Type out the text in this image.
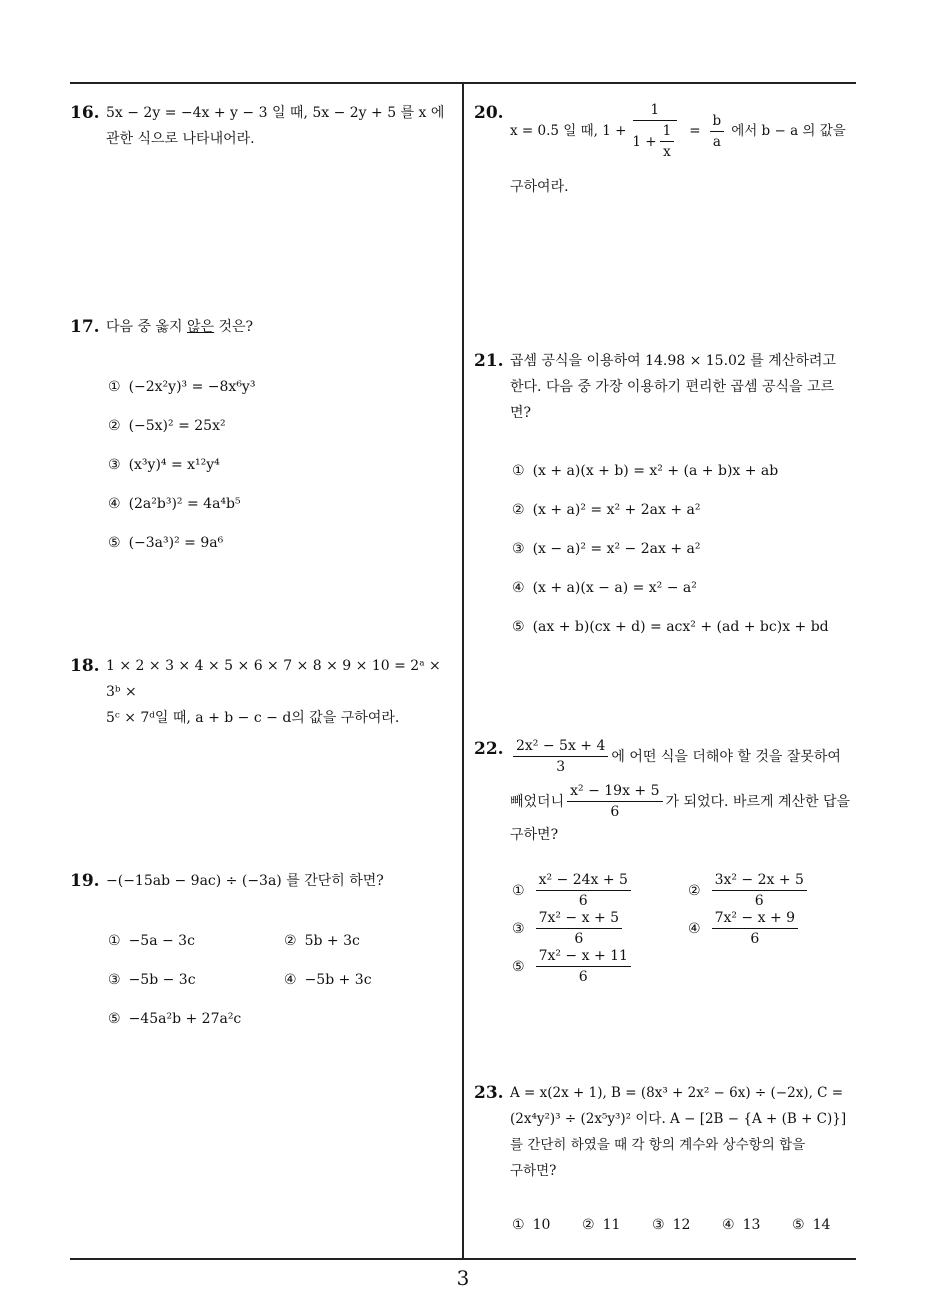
16. 5x − 2y = −4x + y − 3 일 때, 5x − 2y + 5 를 x 에
관한 식으로 나타내어라.
17. 다음 중 옳지 않은 것은?
① (−2x²y)³ = −8x⁶y³
② (−5x)² = 25x²
③ (x³y)⁴ = x¹²y⁴
④ (2a²b³)² = 4a⁴b⁵
⑤ (−3a³)² = 9a⁶
18. 1 × 2 × 3 × 4 × 5 × 6 × 7 × 8 × 9 × 10 = 2ᵃ × 3ᵇ ×
5ᶜ × 7ᵈ일 때, a + b − c − d의 값을 구하여라.
19. −(−15ab − 9ac) ÷ (−3a) 를 간단히 하면?
① −5a − 3c	② 5b + 3c
③ −5b − 3c	④ −5b + 3c
⑤ −45a²b + 27a²c
20.
x = 0.5̇ 일 때, $1 + \frac{1}{1 + \frac{1}{x}} = \frac{b}{a}$ 에서 b − a 의 값을
구하여라.
21. 곱셈 공식을 이용하여 14.98 × 15.02 를 계산하려고
한다. 다음 중 가장 이용하기 편리한 곱셈 공식을 고르
면?
① (x + a)(x + b) = x² + (a + b)x + ab
② (x + a)² = x² + 2ax + a²
③ (x − a)² = x² − 2ax + a²
④ (x + a)(x − a) = x² − a²
⑤ (ax + b)(cx + d) = acx² + (ad + bc)x + bd
22. $\frac{\text{2x² − 5x + 4}}{3}$ 에 어떤 식을 더해야 할 것을 잘못하여
빼었더니 $\frac{\text{x² − 19x + 5}}{6}$ 가 되었다. 바르게 계산한 답을
구하면?
① $\frac{\text{x² − 24x + 5}}{6}$	② $\frac{\text{3x² − 2x + 5}}{6}$
③ $\frac{\text{7x² − x + 5}}{6}$	④ $\frac{\text{7x² − x + 9}}{6}$
⑤ $\frac{\text{7x² − x + 11}}{6}$
23. A = x(2x + 1), B = (8x³ + 2x² − 6x) ÷ (−2x), C =
(2x⁴y²)³ ÷ (2x⁵y³)² 이다. A − [2B − {A + (B + C)}]
를 간단히 하였을 때 각 항의 계수와 상수항의 합을
구하면?
① 10 ② 11 ③ 12 ④ 13 ⑤ 14
3
